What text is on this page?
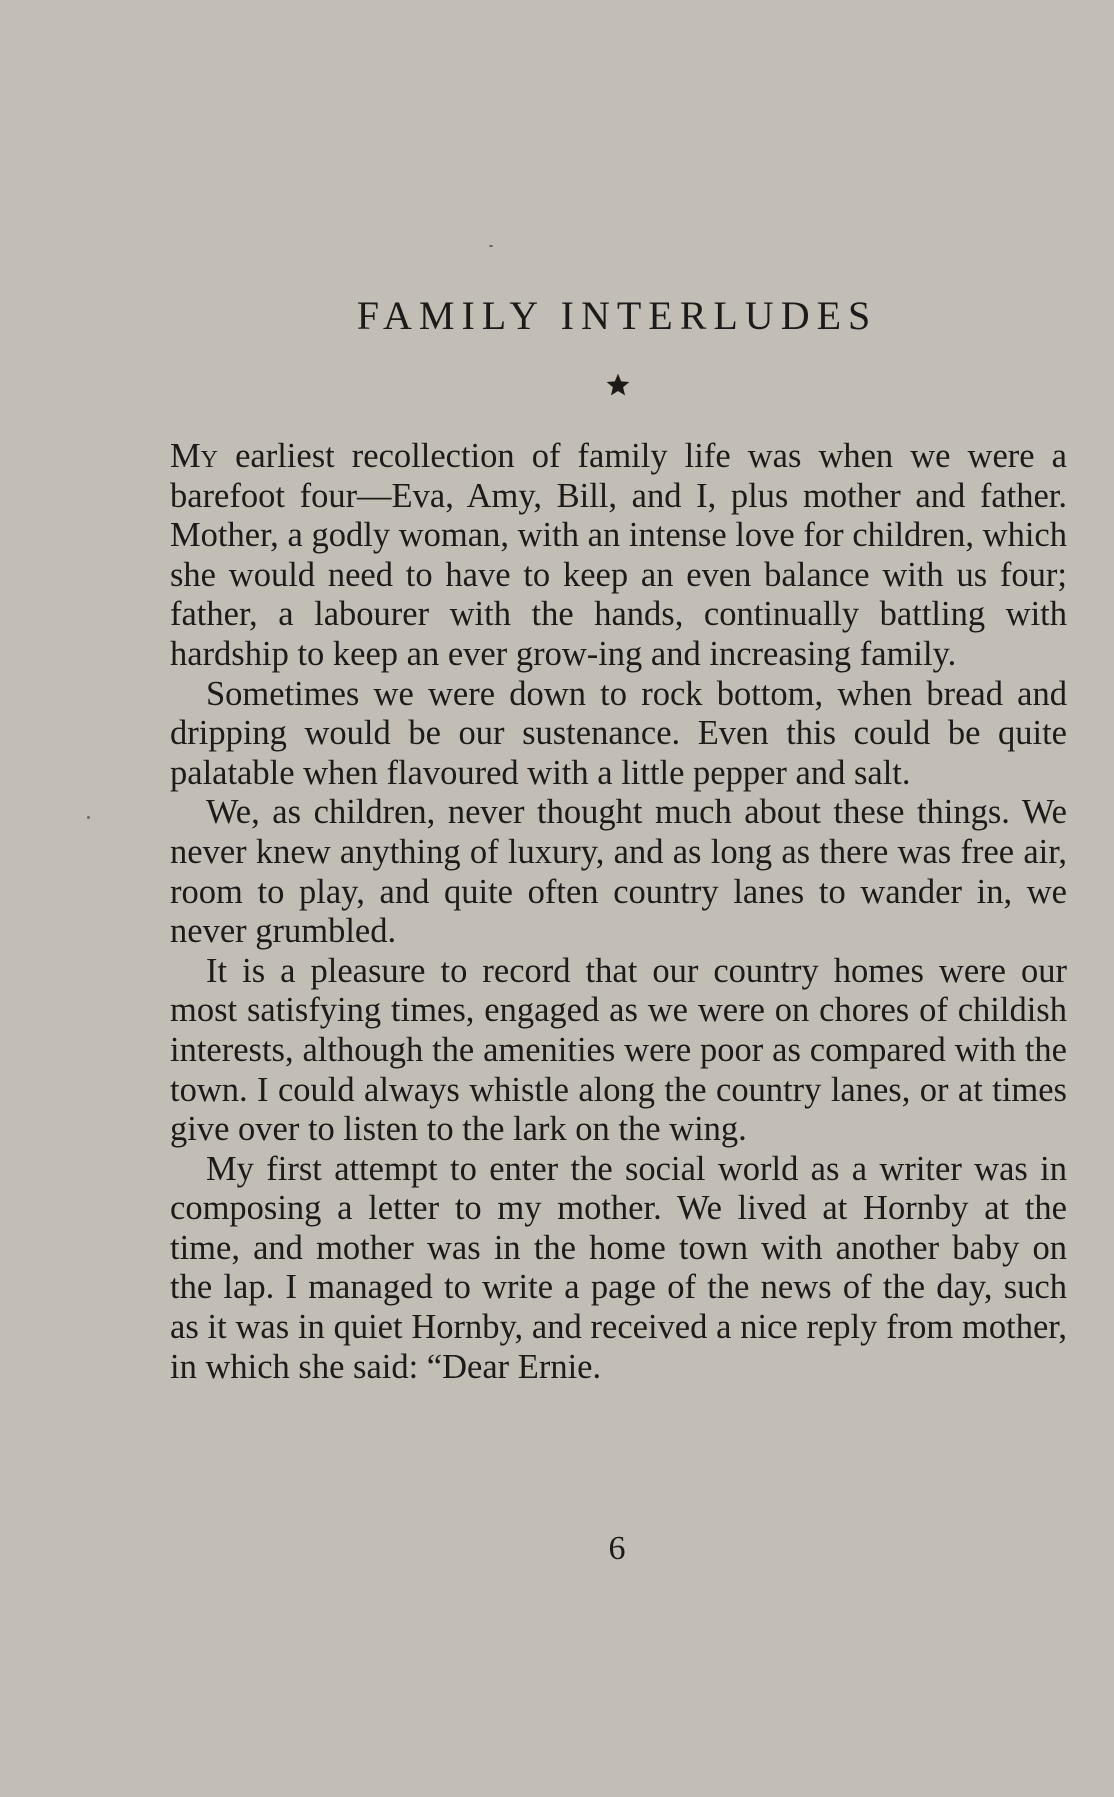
FAMILY INTERLUDES

My earliest recollection of family life was when we were a barefoot four—Eva, Amy, Bill, and I, plus mother and father. Mother, a godly woman, with an intense love for children, which she would need to have to keep an even balance with us four; father, a labourer with the hands, continually battling with hardship to keep an ever grow-ing and increasing family.

Sometimes we were down to rock bottom, when bread and dripping would be our sustenance. Even this could be quite palatable when flavoured with a little pepper and salt.

We, as children, never thought much about these things. We never knew anything of luxury, and as long as there was free air, room to play, and quite often country lanes to wander in, we never grumbled.

It is a pleasure to record that our country homes were our most satisfying times, engaged as we were on chores of childish interests, although the amenities were poor as compared with the town. I could always whistle along the country lanes, or at times give over to listen to the lark on the wing.

My first attempt to enter the social world as a writer was in composing a letter to my mother. We lived at Hornby at the time, and mother was in the home town with another baby on the lap. I managed to write a page of the news of the day, such as it was in quiet Hornby, and received a nice reply from mother, in which she said: “Dear Ernie.

6
